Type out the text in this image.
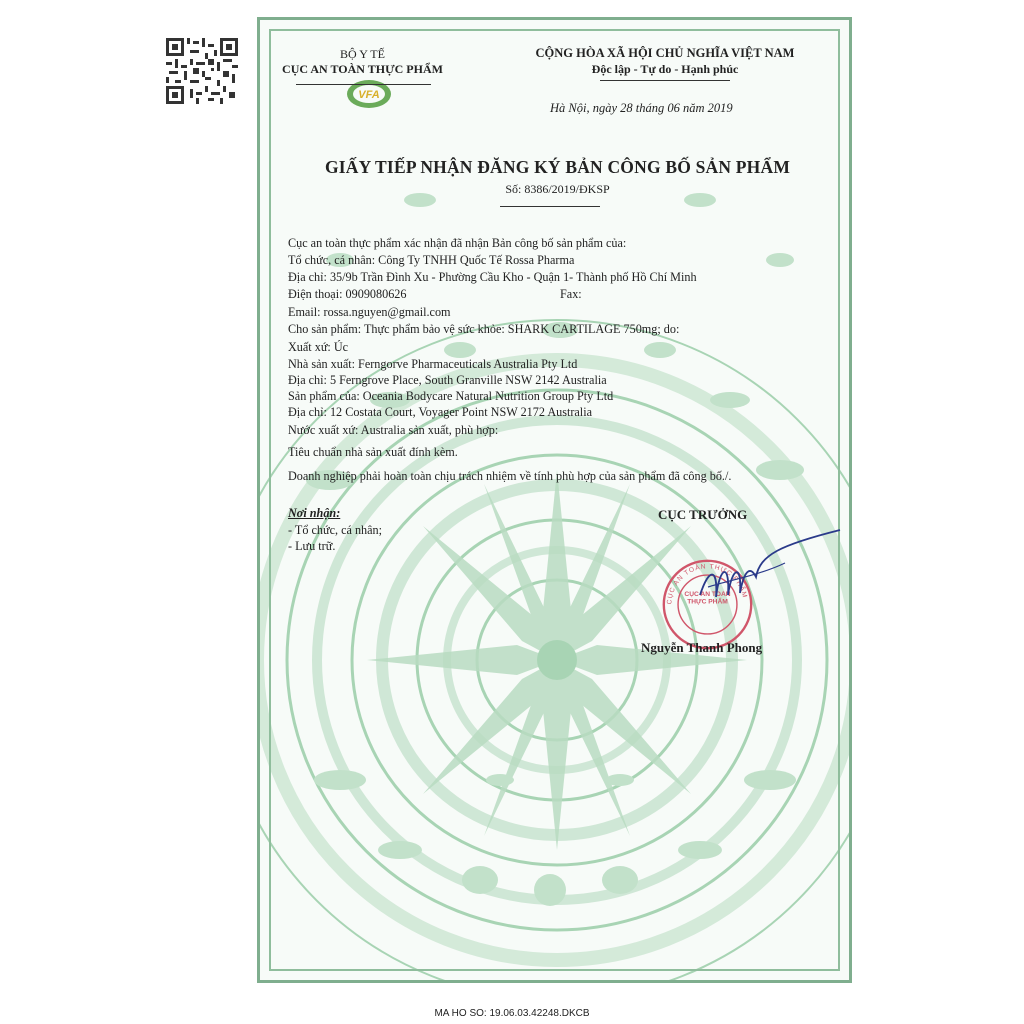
BỘ Y TẾ
CỤC AN TOÀN THỰC PHẨM
VFA
CỘNG HÒA XÃ HỘI CHỦ NGHĨA VIỆT NAM
Độc lập - Tự do - Hạnh phúc
Hà Nội, ngày 28 tháng 06 năm 2019
GIẤY TIẾP NHẬN ĐĂNG KÝ BẢN CÔNG BỐ SẢN PHẨM
Số: 8386/2019/ĐKSP
Cục an toàn thực phẩm xác nhận đã nhận Bản công bố sản phẩm của:
Tổ chức, cá nhân: Công Ty TNHH Quốc Tế Rossa Pharma
Địa chỉ: 35/9b Trần Đình Xu - Phường Cầu Kho - Quận 1- Thành phố Hồ Chí Minh
Điện thoại: 0909080626	Fax:
Email: rossa.nguyen@gmail.com
Cho sản phẩm: Thực phẩm bảo vệ sức khỏe: SHARK CARTILAGE 750mg; do:
Xuất xứ: Úc
Nhà sản xuất: Ferngorve Pharmaceuticals Australia Pty Ltd
Địa chỉ: 5 Ferngrove Place, South Granville NSW 2142 Australia
Sản phẩm của: Oceania Bodycare Natural Nutrition Group Pty Ltd
Địa chỉ: 12 Costata Court, Voyager Point NSW 2172 Australia
Nước xuất xứ: Australia sản xuất, phù hợp:
Tiêu chuẩn nhà sản xuất đính kèm.
Doanh nghiệp phải hoàn toàn chịu trách nhiệm về tính phù hợp của sản phẩm đã công bố./.
Nơi nhận:
- Tổ chức, cá nhân;
- Lưu trữ.
CỤC TRƯỞNG
CỤC AN TOÀN THỰC PHẨM
CỤC AN TOÀN THỰC PHẨM
Nguyễn Thanh Phong
MA HO SO: 19.06.03.42248.DKCB
